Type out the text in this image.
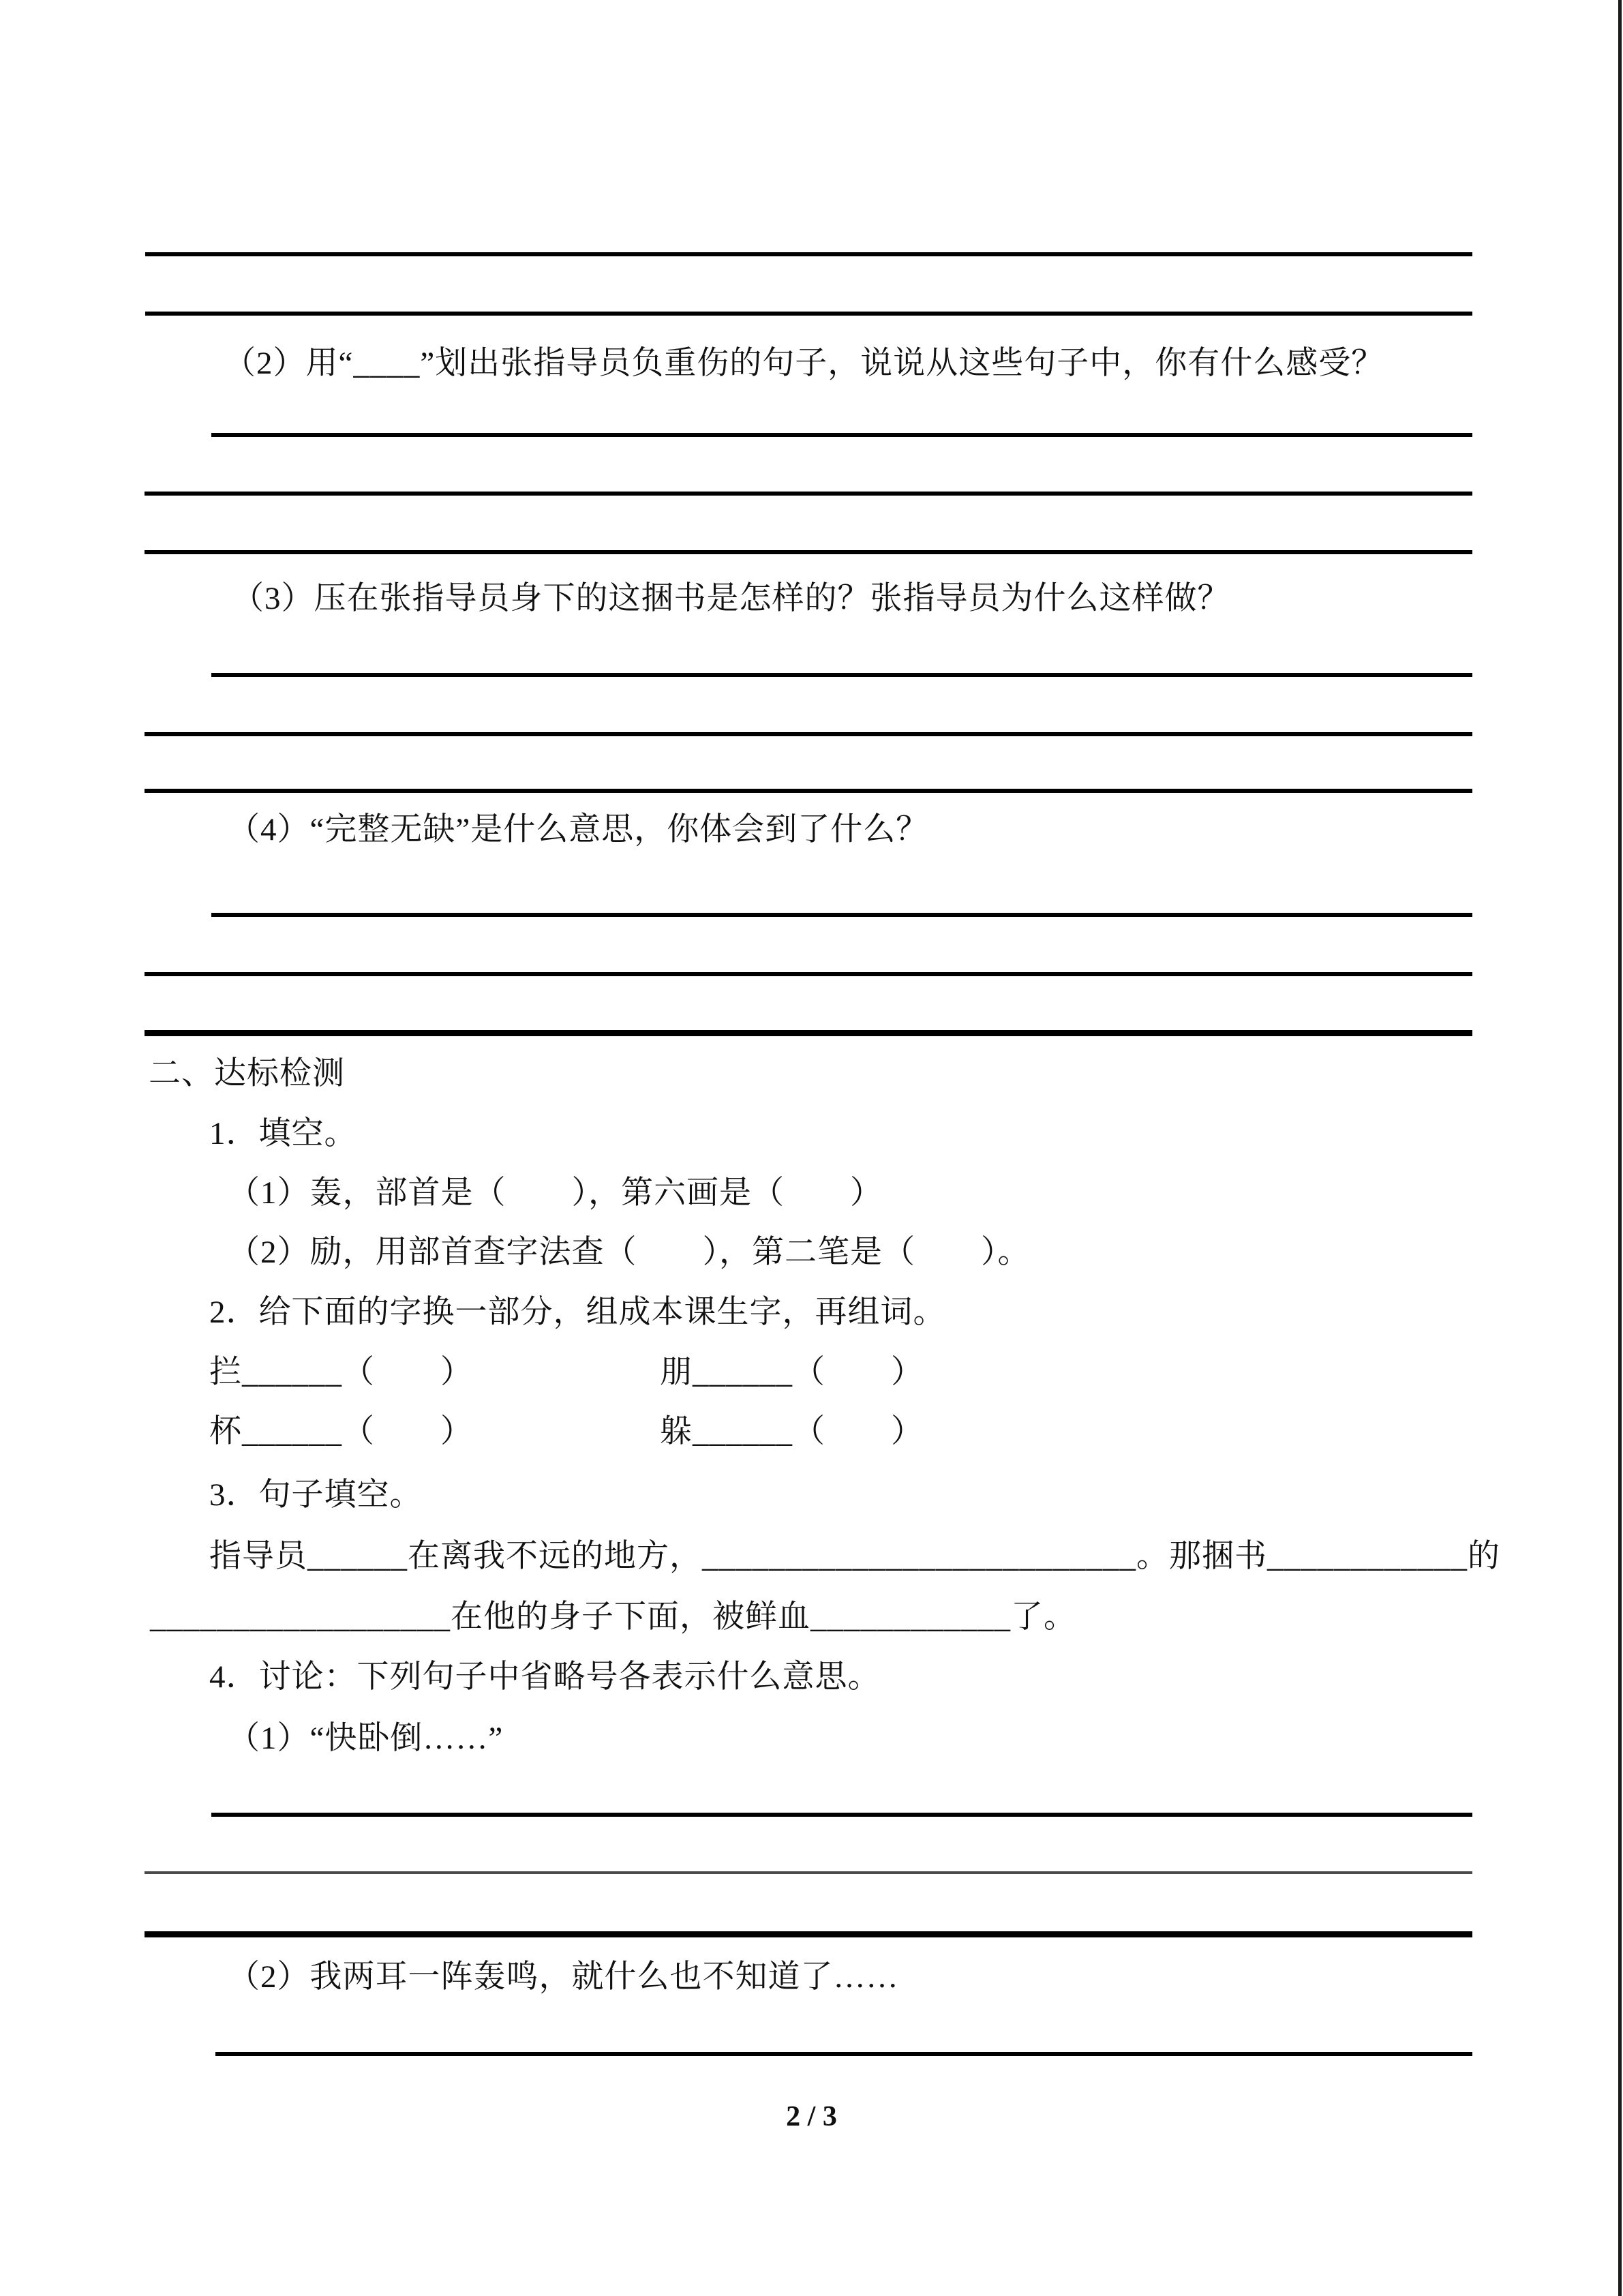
（2）用“____”划出张指导员负重伤的句子，说说从这些句子中，你有什么感受？
（3）压在张指导员身下的这捆书是怎样的？张指导员为什么这样做？
（4）“完整无缺”是什么意思，你体会到了什么？
二、达标检测
1．填空。
（1）轰，部首是（　　），第六画是（　　）
（2）励，用部首查字法查（　　），第二笔是（　　）。
2．给下面的字换一部分，组成本课生字，再组词。
拦______（　　）	朋______（　　）
杯______（　　）	躲______（　　）
3．句子填空。
指导员______在离我不远的地方，__________________________。那捆书____________的
__________________在他的身子下面，被鲜血____________了。
4．讨论：下列句子中省略号各表示什么意思。
（1）“快卧倒……”
（2）我两耳一阵轰鸣，就什么也不知道了……
2 / 3
